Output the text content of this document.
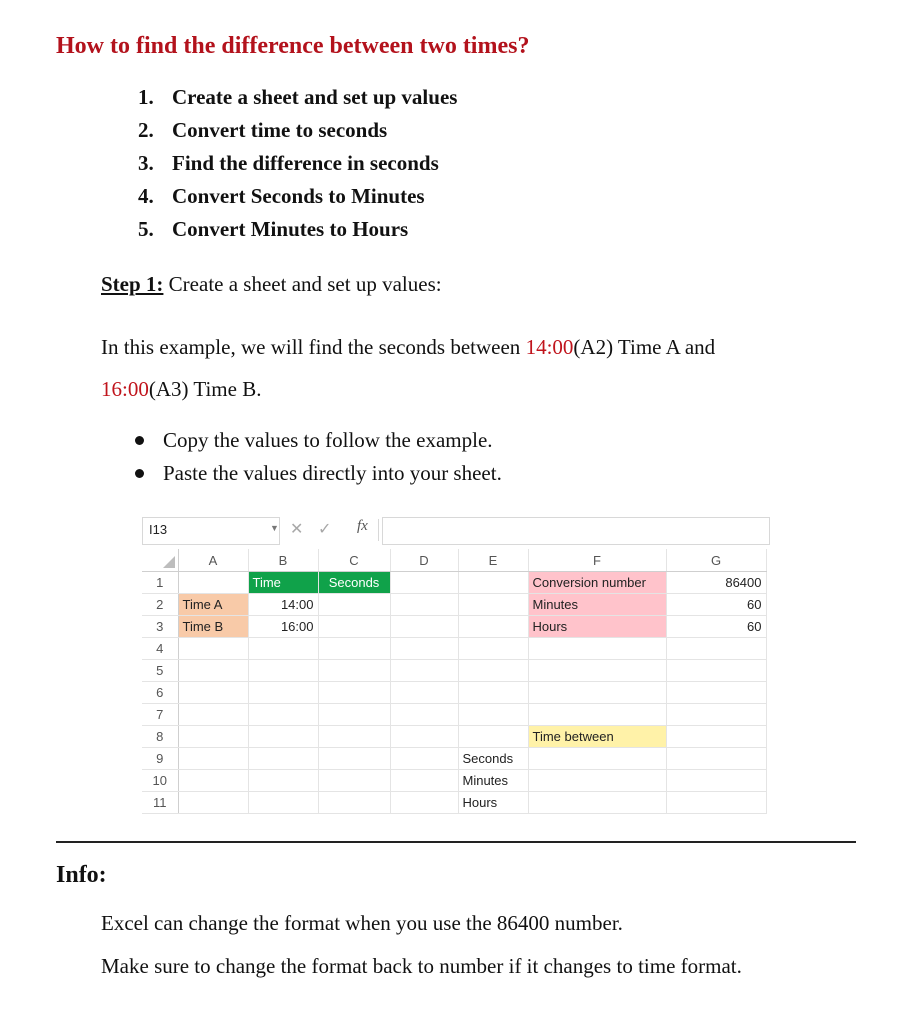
How to find the difference between two times?
1. Create a sheet and set up values
2. Convert time to seconds
3. Find the difference in seconds
4. Convert Seconds to Minutes
5. Convert Minutes to Hours
Step 1: Create a sheet and set up values:
In this example, we will find the seconds between 14:00(A2) Time A and
16:00(A3) Time B.
Copy the values to follow the example.
Paste the values directly into your sheet.
I13	▼ ✕ ✓ fx
	A	B	C	D	E	F	G
1		Time	Seconds			Conversion number	86400
2	Time A	14:00				Minutes	60
3	Time B	16:00				Hours	60
4							
5							
6							
7							
8						Time between	
9					Seconds		
10					Minutes		
11					Hours		
Info:
Excel can change the format when you use the 86400 number.
Make sure to change the format back to number if it changes to time format.
